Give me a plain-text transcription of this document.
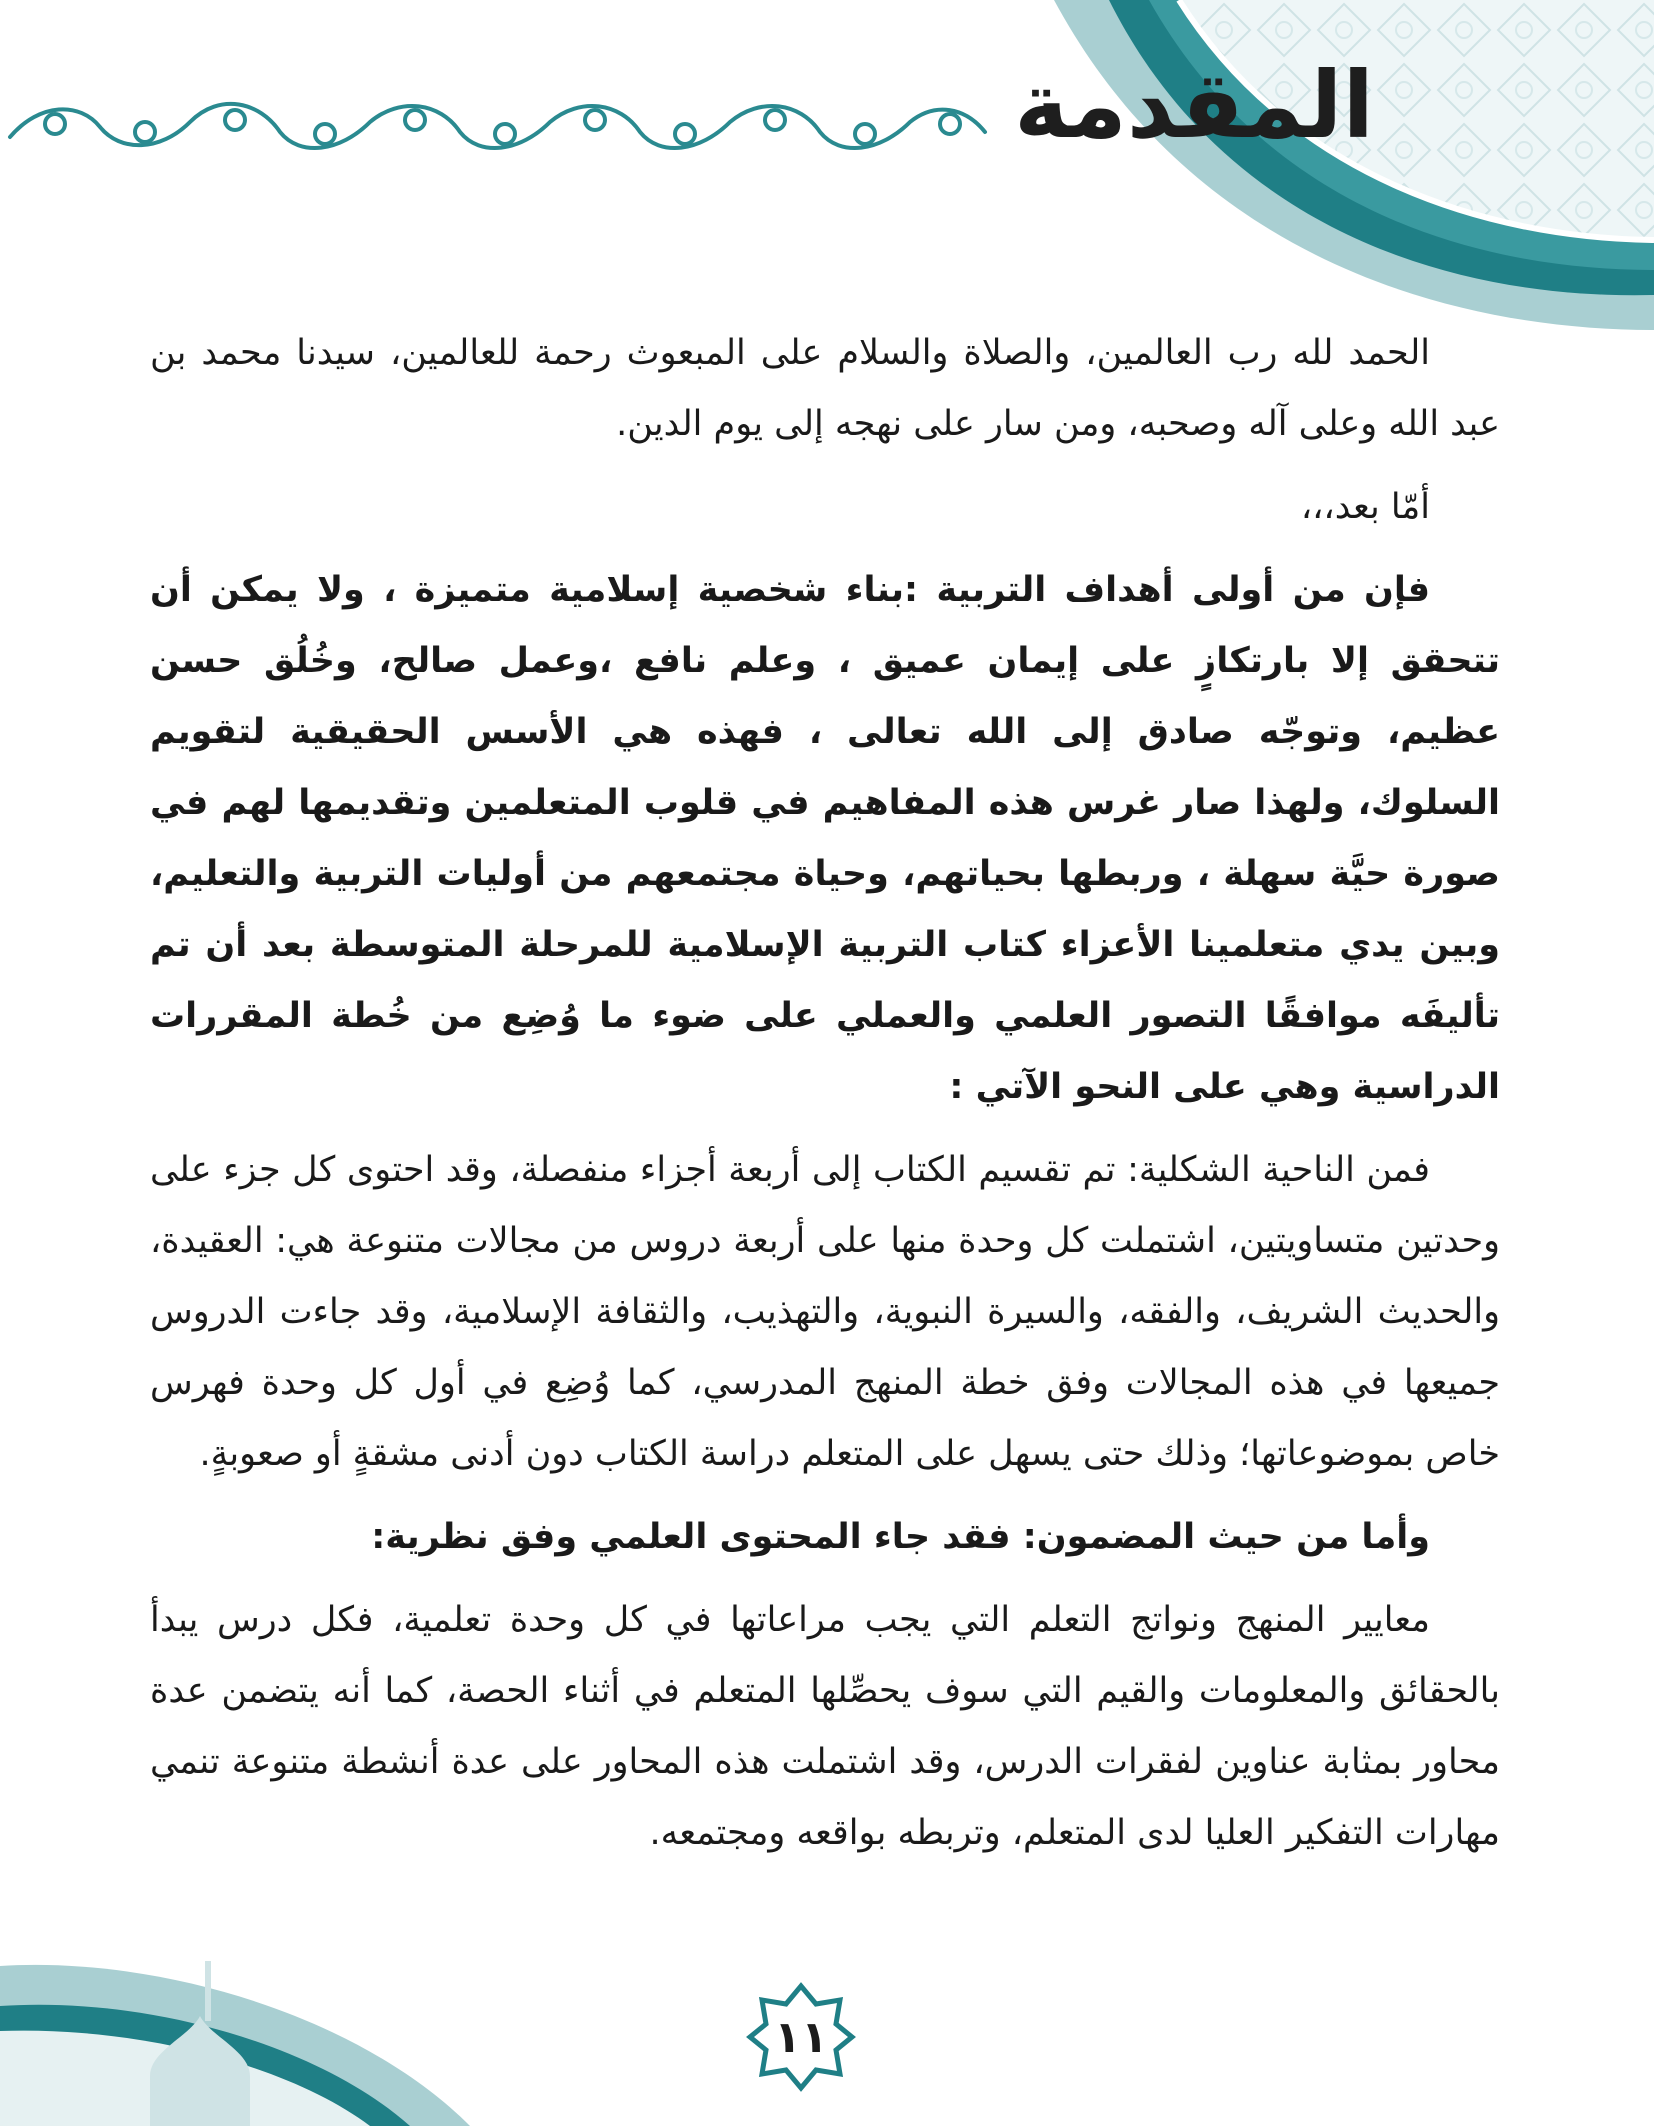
المقدمة

الحمد لله رب العالمين، والصلاة والسلام على المبعوث رحمة للعالمين، سيدنا محمد بن عبد الله وعلى آله وصحبه، ومن سار على نهجه إلى يوم الدين.

أمّا بعد،،،

فإن من أولى أهداف التربية :بناء شخصية إسلامية متميزة ، ولا يمكن أن تتحقق إلا بارتكازٍ على إيمان عميق ، وعلم نافع ،وعمل صالح، وخُلُق حسن عظيم، وتوجّه صادق إلى الله تعالى ، فهذه هي الأسس الحقيقية لتقويم السلوك، ولهذا صار غرس هذه المفاهيم في قلوب المتعلمين وتقديمها لهم في صورة حيَّة سهلة ، وربطها بحياتهم، وحياة مجتمعهم من أوليات التربية والتعليم، وبين يدي متعلمينا الأعزاء كتاب التربية الإسلامية للمرحلة المتوسطة بعد أن تم تأليفَه موافقًا التصور العلمي والعملي على ضوء ما وُضِع من خُطة المقررات الدراسية وهي على النحو الآتي :

فمن الناحية الشكلية: تم تقسيم الكتاب إلى أربعة أجزاء منفصلة، وقد احتوى كل جزء على وحدتين متساويتين، اشتملت كل وحدة منها على أربعة دروس من مجالات متنوعة هي: العقيدة، والحديث الشريف، والفقه، والسيرة النبوية، والتهذيب، والثقافة الإسلامية، وقد جاءت الدروس جميعها في هذه المجالات وفق خطة المنهج المدرسي، كما وُضِع في أول كل وحدة فهرس خاص بموضوعاتها؛ وذلك حتى يسهل على المتعلم دراسة الكتاب دون أدنى مشقةٍ أو صعوبةٍ.

وأما من حيث المضمون: فقد جاء المحتوى العلمي وفق نظرية:

معايير المنهج ونواتج التعلم التي يجب مراعاتها في كل وحدة تعلمية، فكل درس يبدأ بالحقائق والمعلومات والقيم التي سوف يحصِّلها المتعلم في أثناء الحصة، كما أنه يتضمن عدة محاور بمثابة عناوين لفقرات الدرس، وقد اشتملت هذه المحاور على عدة أنشطة متنوعة تنمي مهارات التفكير العليا لدى المتعلم، وتربطه بواقعه ومجتمعه.

١١
